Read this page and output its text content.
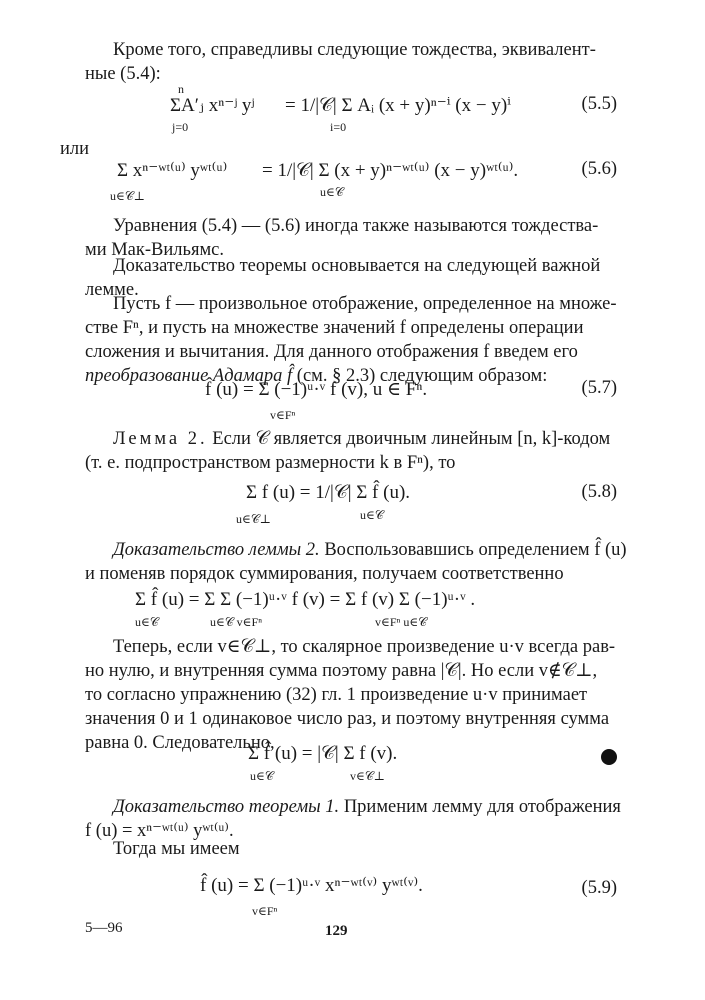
Кроме того, справедливы следующие тождества, эквивалент-
ные (5.4):
n
ΣA′ⱼ xⁿ⁻ʲ yʲ
j=0
= 1/|𝒞| Σ Aᵢ (x + y)ⁿ⁻ⁱ (x − y)ⁱ
i=0
(5.5)
или
Σ xⁿ⁻ʷᵗ⁽ᵘ⁾ yʷᵗ⁽ᵘ⁾
u∈𝒞⊥
= 1/|𝒞| Σ (x + y)ⁿ⁻ʷᵗ⁽ᵘ⁾ (x − y)ʷᵗ⁽ᵘ⁾.
u∈𝒞
(5.6)
Уравнения (5.4) — (5.6) иногда также называются тождества-
ми Мак-Вильямс.
Доказательство теоремы основывается на следующей важной
лемме.
Пусть f — произвольное отображение, определенное на множе-
стве Fⁿ, и пусть на множестве значений f определены операции
сложения и вычитания. Для данного отображения f введем его
преобразование Адамара f̂ (см. § 2.3) следующим образом:
f̂ (u) = Σ (−1)ᵘ·ᵛ f (v), u ∈ Fⁿ.
v∈Fⁿ
(5.7)
Лемма 2. Если 𝒞 является двоичным линейным [n, k]-кодом
(т. е. подпространством размерности k в Fⁿ), то
Σ f (u) = 1/|𝒞| Σ f̂ (u).
u∈𝒞⊥	u∈𝒞
(5.8)
Доказательство леммы 2. Воспользовавшись определением f̂ (u)
и поменяв порядок суммирования, получаем соответственно
Σ f̂ (u) = Σ Σ (−1)ᵘ·ᵛ f (v) = Σ f (v) Σ (−1)ᵘ·ᵛ .
u∈𝒞	u∈𝒞 v∈Fⁿ	v∈Fⁿ u∈𝒞
Теперь, если v∈𝒞⊥, то скалярное произведение u·v всегда рав-
но нулю, и внутренняя сумма поэтому равна |𝒞|. Но если v∉𝒞⊥,
то согласно упражнению (32) гл. 1 произведение u·v принимает
значения 0 и 1 одинаковое число раз, и поэтому внутренняя сумма
равна 0. Следовательно,
Σ f̂ (u) = |𝒞| Σ f (v).
u∈𝒞	v∈𝒞⊥
Доказательство теоремы 1. Применим лемму для отображения
f (u) = xⁿ⁻ʷᵗ⁽ᵘ⁾ yʷᵗ⁽ᵘ⁾.
Тогда мы имеем
f̂ (u) = Σ (−1)ᵘ·ᵛ xⁿ⁻ʷᵗ⁽ᵛ⁾ yʷᵗ⁽ᵛ⁾.
v∈Fⁿ
(5.9)
5—96	129
